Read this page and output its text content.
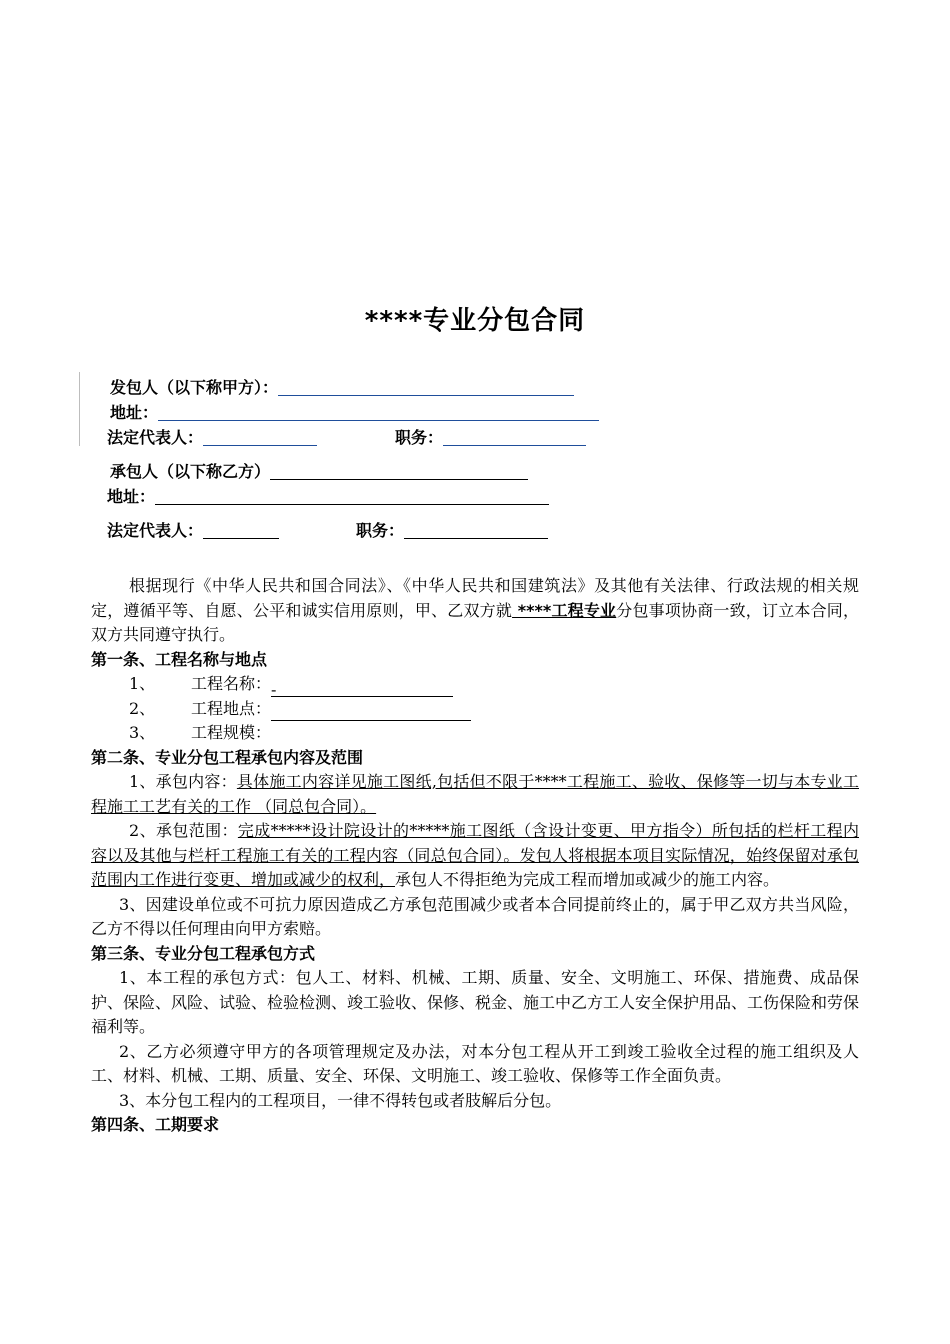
****专业分包合同
发包人（以下称甲方）：
地址：
法定代表人：	职务：
承包人（以下称乙方）
地址：
法定代表人：	职务：

根据现行《中华人民共和国合同法》、《中华人民共和国建筑法》及其他有关法律、行政法规的相关规定，遵循平等、自愿、公平和诚实信用原则，甲、乙双方就 ****工程专业分包事项协商一致，订立本合同，双方共同遵守执行。

第一条、工程名称与地点

1、 工程名称：-

2、 工程地点：

3、 工程规模：

第二条、专业分包工程承包内容及范围

1、承包内容：具体施工内容详见施工图纸,包括但不限于****工程施工、验收、保修等一切与本专业工程施工工艺有关的工作 （同总包合同）。

2、承包范围：完成*****设计院设计的*****施工图纸（含设计变更、甲方指令）所包括的栏杆工程内容以及其他与栏杆工程施工有关的工程内容（同总包合同）。发包人将根据本项目实际情况，始终保留对承包范围内工作进行变更、增加或减少的权利，承包人不得拒绝为完成工程而增加或减少的施工内容。

3、因建设单位或不可抗力原因造成乙方承包范围减少或者本合同提前终止的，属于甲乙双方共当风险，乙方不得以任何理由向甲方索赔。

第三条、专业分包工程承包方式

1、本工程的承包方式：包人工、材料、机械、工期、质量、安全、文明施工、环保、措施费、成品保护、保险、风险、试验、检验检测、竣工验收、保修、税金、施工中乙方工人安全保护用品、工伤保险和劳保福利等。

2、乙方必须遵守甲方的各项管理规定及办法，对本分包工程从开工到竣工验收全过程的施工组织及人工、材料、机械、工期、质量、安全、环保、文明施工、竣工验收、保修等工作全面负责。

3、本分包工程内的工程项目，一律不得转包或者肢解后分包。

第四条、工期要求
